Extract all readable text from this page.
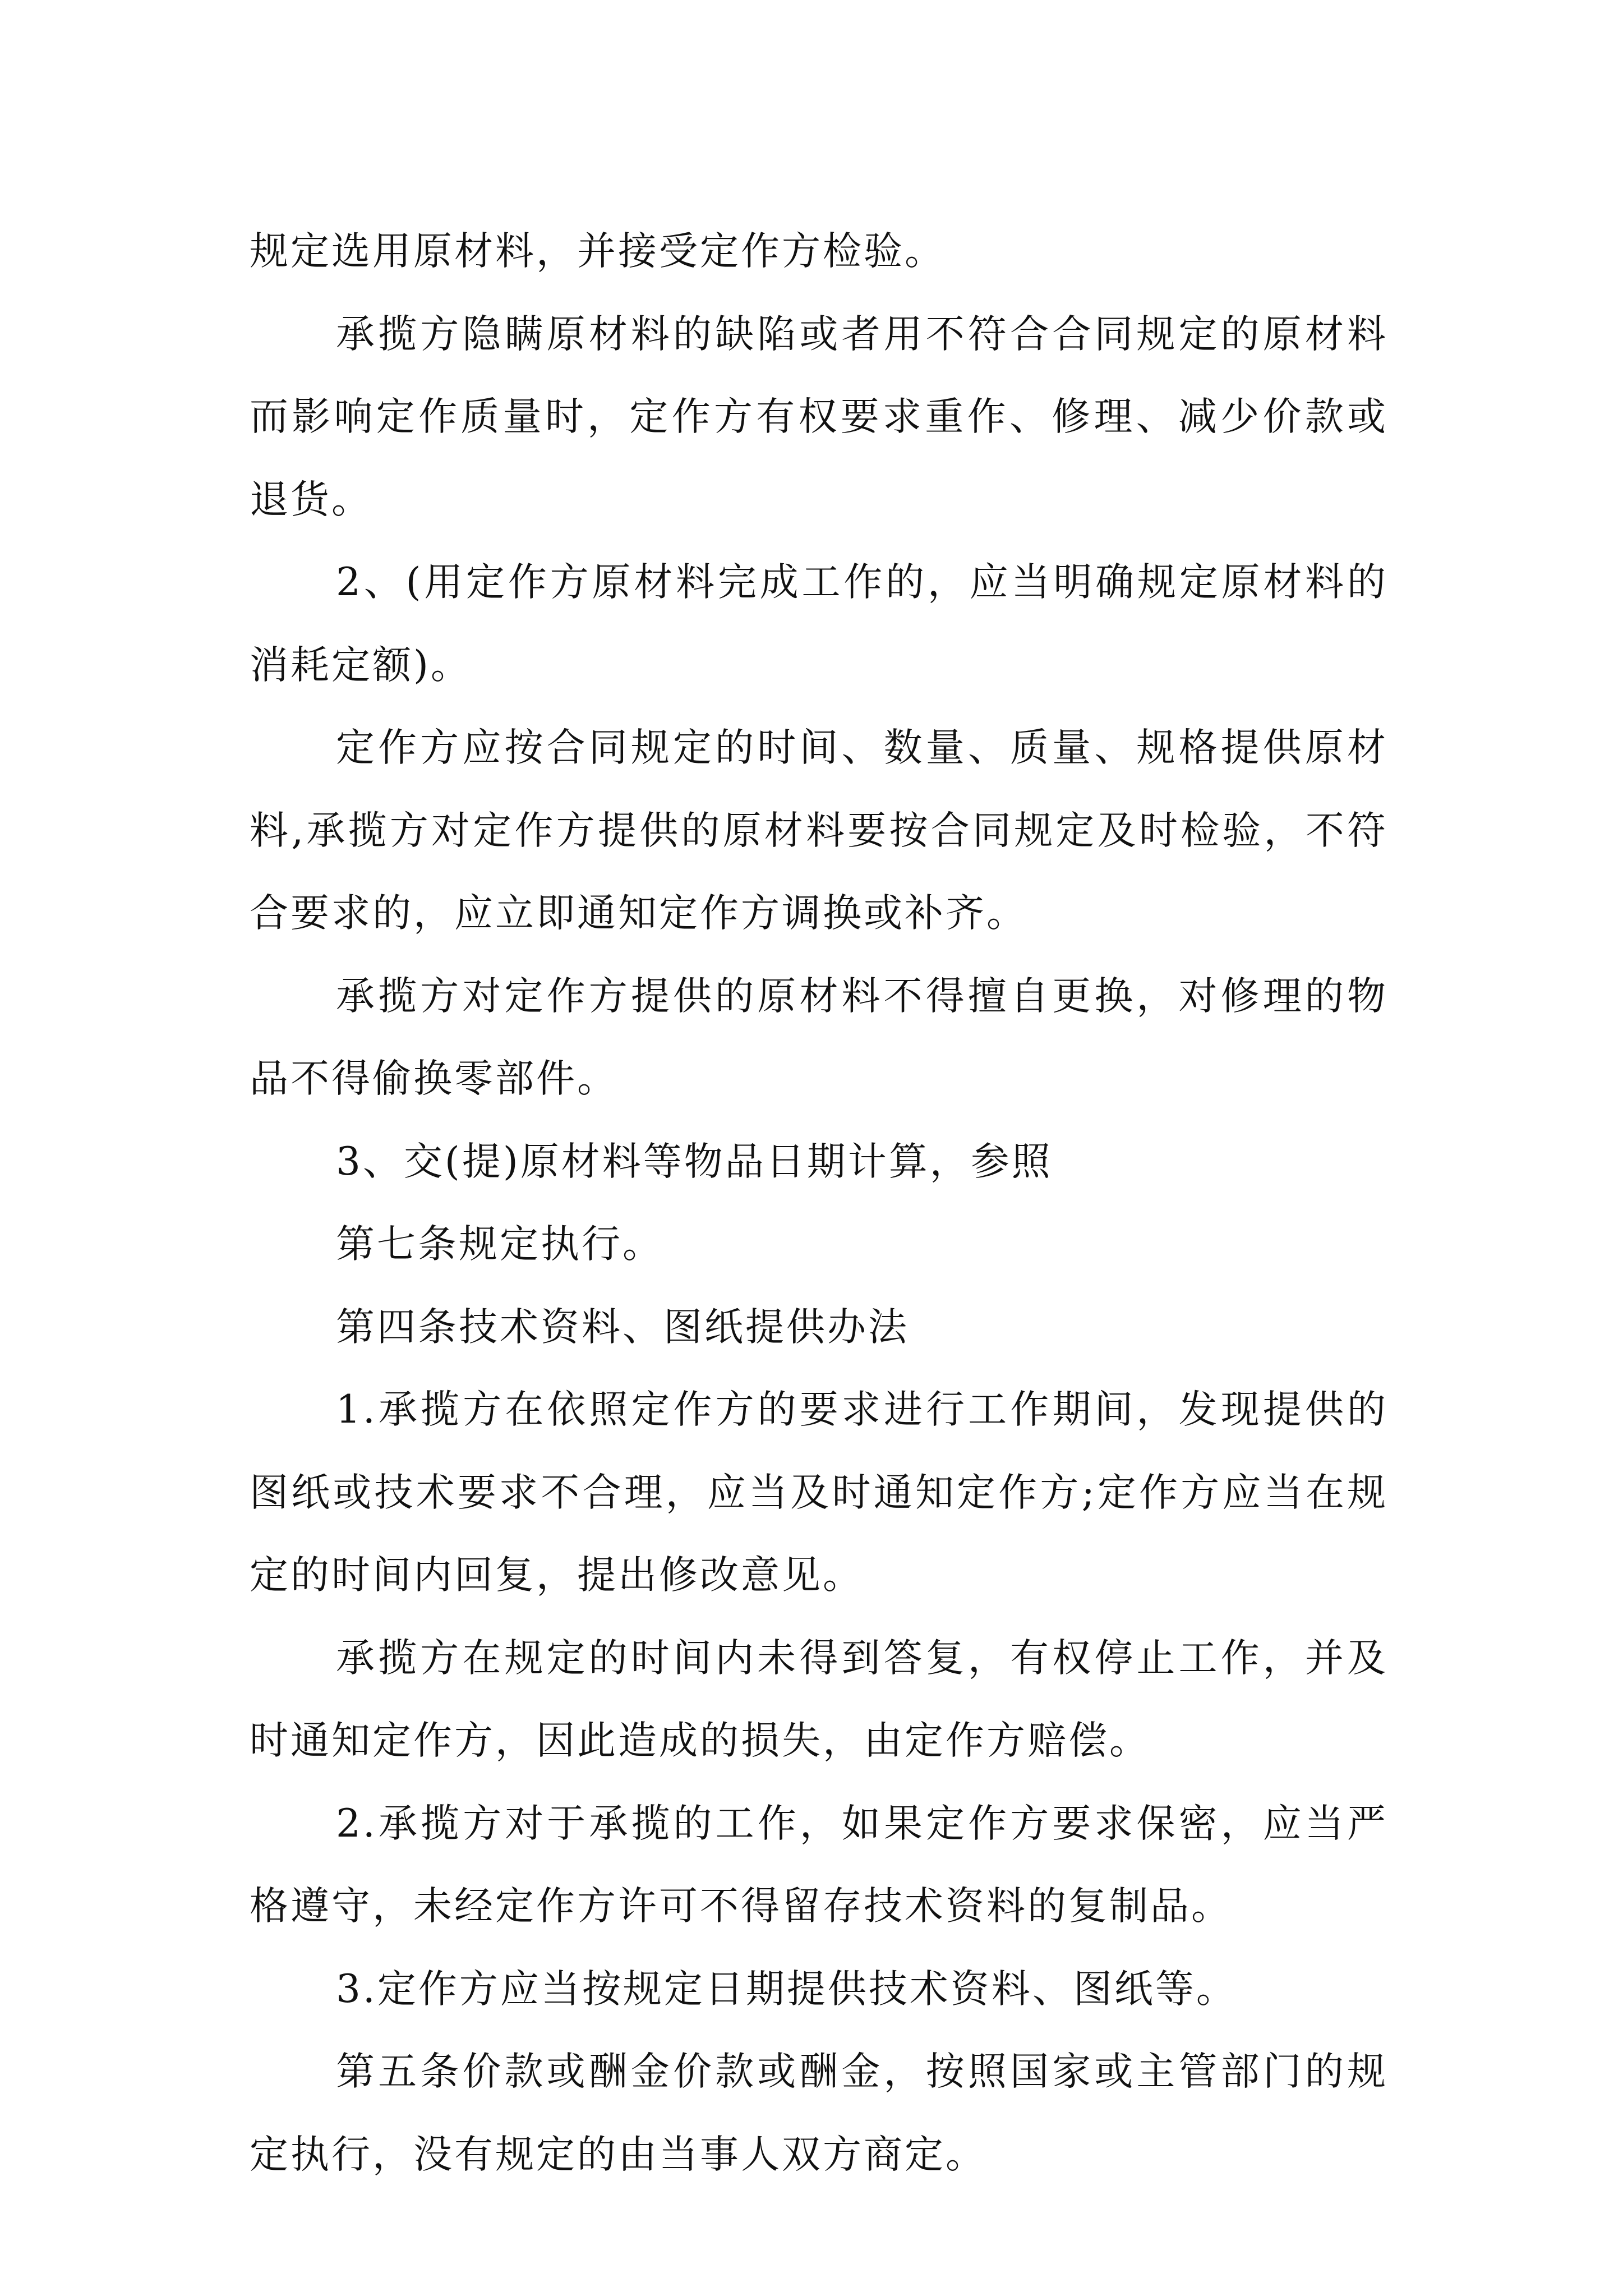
规定选用原材料，并接受定作方检验。

承揽方隐瞒原材料的缺陷或者用不符合合同规定的原材料而影响定作质量时，定作方有权要求重作、修理、减少价款或退货。

2、(用定作方原材料完成工作的，应当明确规定原材料的消耗定额)。

定作方应按合同规定的时间、数量、质量、规格提供原材料,承揽方对定作方提供的原材料要按合同规定及时检验，不符合要求的，应立即通知定作方调换或补齐。

承揽方对定作方提供的原材料不得擅自更换，对修理的物品不得偷换零部件。

3、交(提)原材料等物品日期计算，参照

第七条规定执行。

第四条技术资料、图纸提供办法

1.承揽方在依照定作方的要求进行工作期间，发现提供的图纸或技术要求不合理，应当及时通知定作方;定作方应当在规定的时间内回复，提出修改意见。

承揽方在规定的时间内未得到答复，有权停止工作，并及时通知定作方，因此造成的损失，由定作方赔偿。

2.承揽方对于承揽的工作，如果定作方要求保密，应当严格遵守，未经定作方许可不得留存技术资料的复制品。

3.定作方应当按规定日期提供技术资料、图纸等。

第五条价款或酬金价款或酬金，按照国家或主管部门的规定执行，没有规定的由当事人双方商定。
